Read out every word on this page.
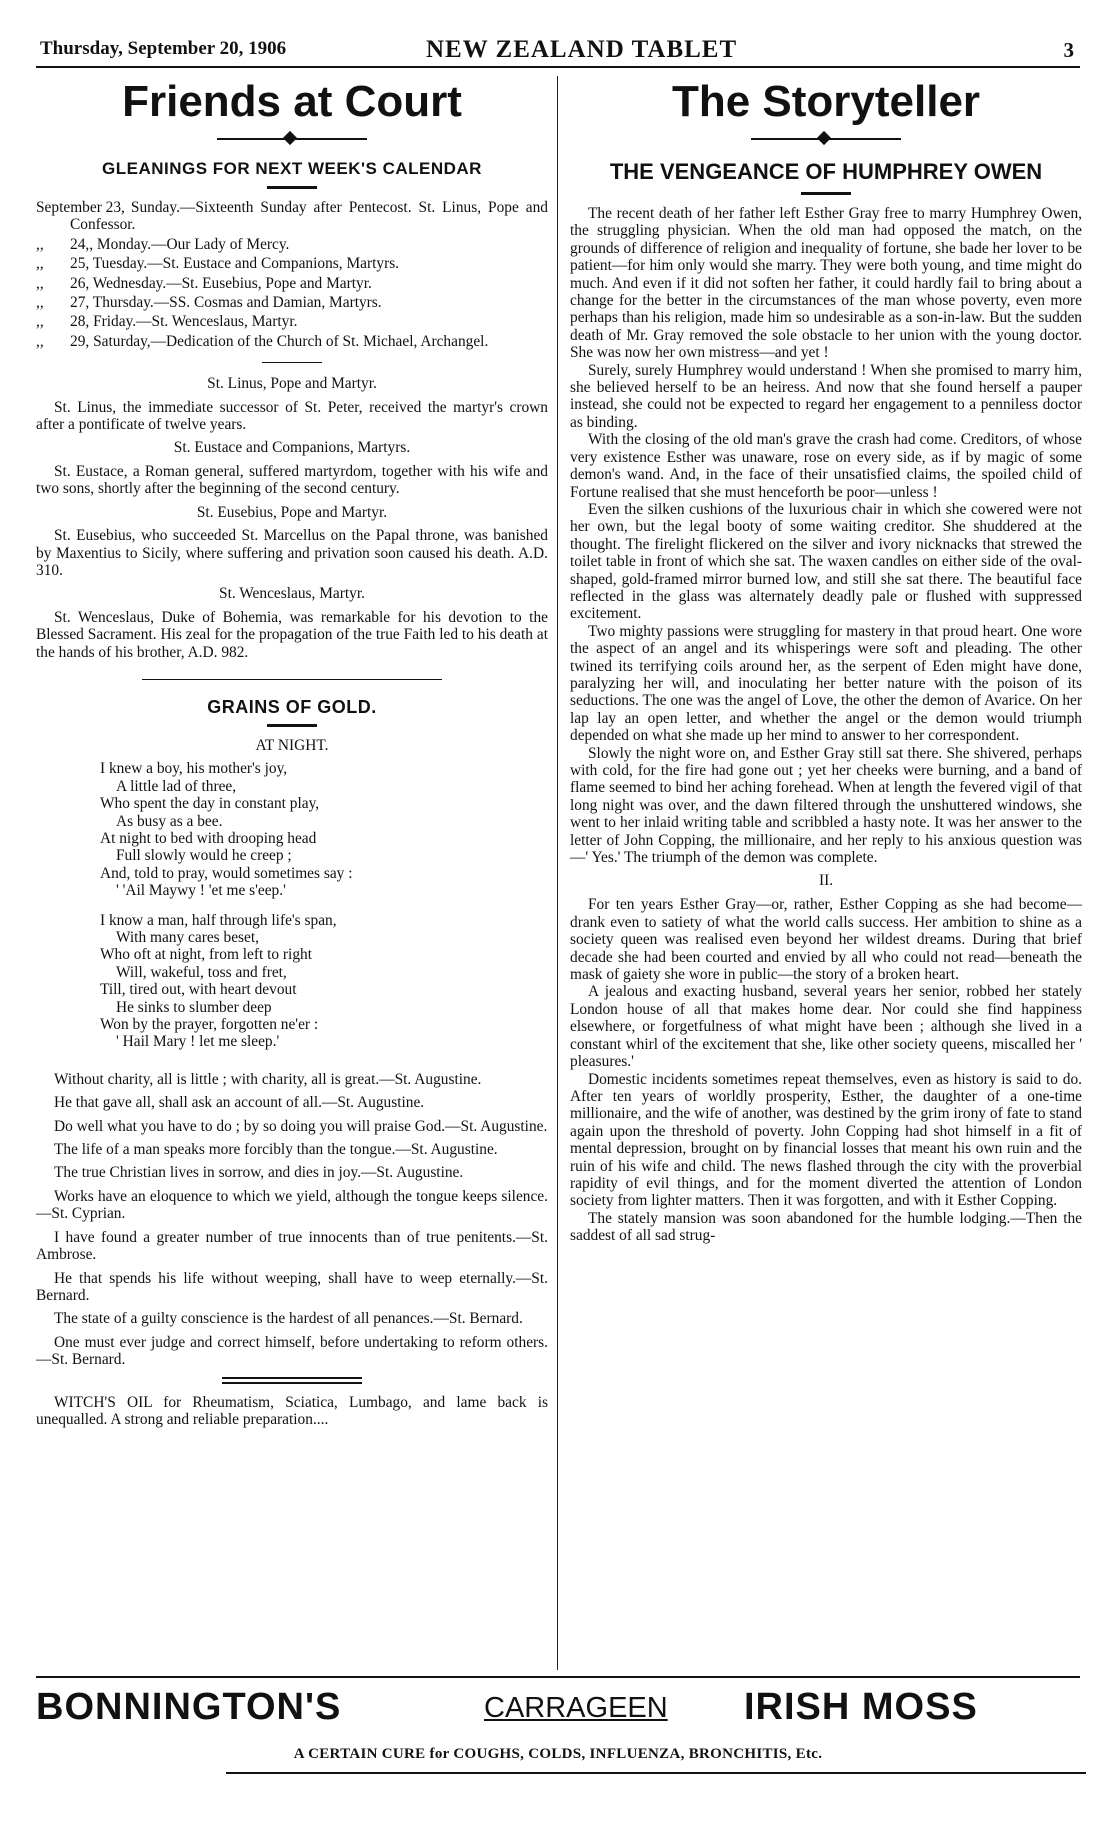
Thursday, September 20, 1906	NEW ZEALAND TABLET	3
Friends at Court
GLEANINGS FOR NEXT WEEK'S CALENDAR
September 23, Sunday.—Sixteenth Sunday after Pentecost. St. Linus, Pope and Confessor.
,, 24,, Monday.—Our Lady of Mercy.
,, 25, Tuesday.—St. Eustace and Companions, Martyrs.
,, 26, Wednesday.—St. Eusebius, Pope and Martyr.
,, 27, Thursday.—SS. Cosmas and Damian, Martyrs.
,, 28, Friday.—St. Wenceslaus, Martyr.
,, 29, Saturday,—Dedication of the Church of St. Michael, Archangel.

St. Linus, Pope and Martyr.

St. Linus, the immediate successor of St. Peter, received the martyr's crown after a pontificate of twelve years.

St. Eustace and Companions, Martyrs.

St. Eustace, a Roman general, suffered martyrdom, together with his wife and two sons, shortly after the beginning of the second century.

St. Eusebius, Pope and Martyr.

St. Eusebius, who succeeded St. Marcellus on the Papal throne, was banished by Maxentius to Sicily, where suffering and privation soon caused his death. A.D. 310.

St. Wenceslaus, Martyr.

St. Wenceslaus, Duke of Bohemia, was remarkable for his devotion to the Blessed Sacrament. His zeal for the propagation of the true Faith led to his death at the hands of his brother, A.D. 982.

GRAINS OF GOLD.

AT NIGHT.

I knew a boy, his mother's joy,
A little lad of three,
Who spent the day in constant play,
As busy as a bee.
At night to bed with drooping head
Full slowly would he creep ;
And, told to pray, would sometimes say :
' 'Ail Maywy ! 'et me s'eep.'
I know a man, half through life's span,
With many cares beset,
Who oft at night, from left to right
Will, wakeful, toss and fret,
Till, tired out, with heart devout
He sinks to slumber deep
Won by the prayer, forgotten ne'er :
' Hail Mary ! let me sleep.'

Without charity, all is little ; with charity, all is great.—St. Augustine.

He that gave all, shall ask an account of all.—St. Augustine.

Do well what you have to do ; by so doing you will praise God.—St. Augustine.

The life of a man speaks more forcibly than the tongue.—St. Augustine.

The true Christian lives in sorrow, and dies in joy.—St. Augustine.

Works have an eloquence to which we yield, although the tongue keeps silence.—St. Cyprian.

I have found a greater number of true innocents than of true penitents.—St. Ambrose.

He that spends his life without weeping, shall have to weep eternally.—St. Bernard.

The state of a guilty conscience is the hardest of all penances.—St. Bernard.

One must ever judge and correct himself, before undertaking to reform others.—St. Bernard.

WITCH'S OIL for Rheumatism, Sciatica, Lumbago, and lame back is unequalled. A strong and reliable preparation....

The Storyteller
THE VENGEANCE OF HUMPHREY OWEN

The recent death of her father left Esther Gray free to marry Humphrey Owen, the struggling physician. When the old man had opposed the match, on the grounds of difference of religion and inequality of fortune, she bade her lover to be patient—for him only would she marry. They were both young, and time might do much. And even if it did not soften her father, it could hardly fail to bring about a change for the better in the circumstances of the man whose poverty, even more perhaps than his religion, made him so undesirable as a son-in-law. But the sudden death of Mr. Gray removed the sole obstacle to her union with the young doctor. She was now her own mistress—and yet !

Surely, surely Humphrey would understand ! When she promised to marry him, she believed herself to be an heiress. And now that she found herself a pauper instead, she could not be expected to regard her engagement to a penniless doctor as binding.

With the closing of the old man's grave the crash had come. Creditors, of whose very existence Esther was unaware, rose on every side, as if by magic of some demon's wand. And, in the face of their unsatisfied claims, the spoiled child of Fortune realised that she must henceforth be poor—unless !

Even the silken cushions of the luxurious chair in which she cowered were not her own, but the legal booty of some waiting creditor. She shuddered at the thought. The firelight flickered on the silver and ivory nicknacks that strewed the toilet table in front of which she sat. The waxen candles on either side of the oval-shaped, gold-framed mirror burned low, and still she sat there. The beautiful face reflected in the glass was alternately deadly pale or flushed with suppressed excitement.

Two mighty passions were struggling for mastery in that proud heart. One wore the aspect of an angel and its whisperings were soft and pleading. The other twined its terrifying coils around her, as the serpent of Eden might have done, paralyzing her will, and inoculating her better nature with the poison of its seductions. The one was the angel of Love, the other the demon of Avarice. On her lap lay an open letter, and whether the angel or the demon would triumph depended on what she made up her mind to answer to her correspondent.

Slowly the night wore on, and Esther Gray still sat there. She shivered, perhaps with cold, for the fire had gone out ; yet her cheeks were burning, and a band of flame seemed to bind her aching forehead. When at length the fevered vigil of that long night was over, and the dawn filtered through the unshuttered windows, she went to her inlaid writing table and scribbled a hasty note. It was her answer to the letter of John Copping, the millionaire, and her reply to his anxious question was—' Yes.' The triumph of the demon was complete.

II.

For ten years Esther Gray—or, rather, Esther Copping as she had become—drank even to satiety of what the world calls success. Her ambition to shine as a society queen was realised even beyond her wildest dreams. During that brief decade she had been courted and envied by all who could not read—beneath the mask of gaiety she wore in public—the story of a broken heart.

A jealous and exacting husband, several years her senior, robbed her stately London house of all that makes home dear. Nor could she find happiness elsewhere, or forgetfulness of what might have been ; although she lived in a constant whirl of the excitement that she, like other society queens, miscalled her ' pleasures.'

Domestic incidents sometimes repeat themselves, even as history is said to do. After ten years of worldly prosperity, Esther, the daughter of a one-time millionaire, and the wife of another, was destined by the grim irony of fate to stand again upon the threshold of poverty. John Copping had shot himself in a fit of mental depression, brought on by financial losses that meant his own ruin and the ruin of his wife and child. The news flashed through the city with the proverbial rapidity of evil things, and for the moment diverted the attention of London society from lighter matters. Then it was forgotten, and with it Esther Copping.

The stately mansion was soon abandoned for the humble lodging.—Then the saddest of all sad strug-

BONNINGTON'S	CARRAGEEN IRISH MOSS
A CERTAIN CURE for COUGHS, COLDS, INFLUENZA, BRONCHITIS, Etc.
